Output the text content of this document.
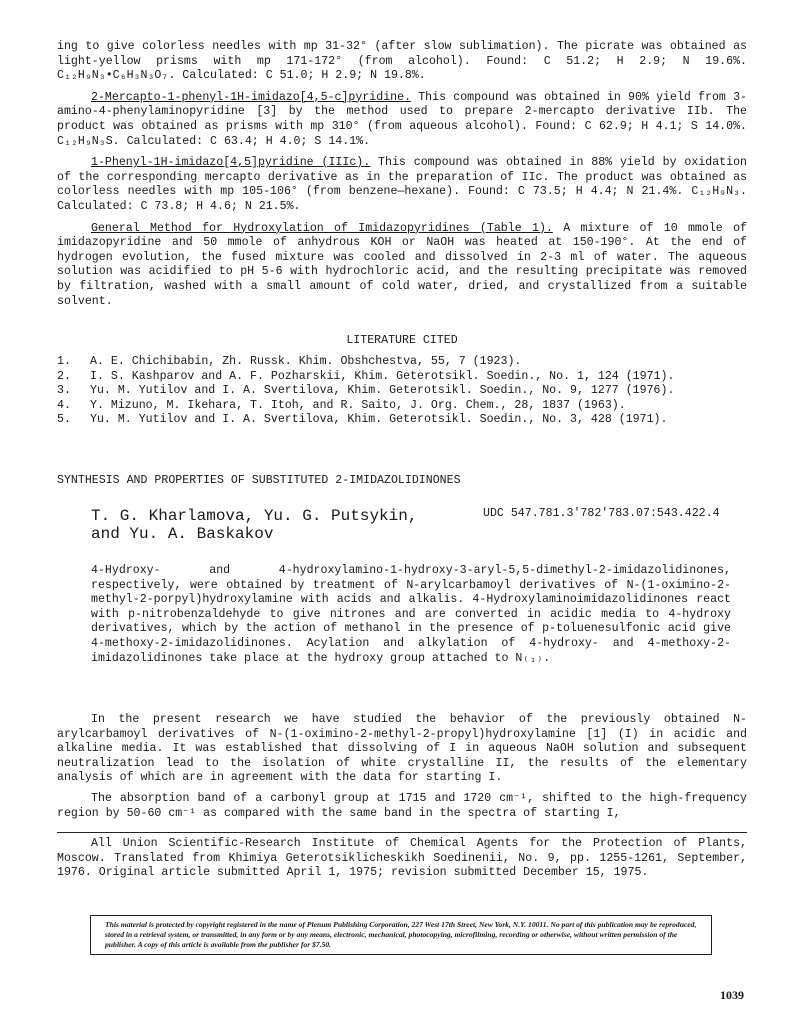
ing to give colorless needles with mp 31-32° (after slow sublimation). The picrate was obtained as light-yellow prisms with mp 171-172° (from alcohol). Found: C 51.2; H 2.9; N 19.6%. C₁₂H₉N₃•C₆H₃N₃O₇. Calculated: C 51.0; H 2.9; N 19.8%.

2-Mercapto-1-phenyl-1H-imidazo[4,5-c]pyridine. This compound was obtained in 90% yield from 3-amino-4-phenylaminopyridine [3] by the method used to prepare 2-mercapto derivative IIb. The product was obtained as prisms with mp 310° (from aqueous alcohol). Found: C 62.9; H 4.1; S 14.0%. C₁₂H₉N₃S. Calculated: C 63.4; H 4.0; S 14.1%.

1-Phenyl-1H-imidazo[4,5]pyridine (IIIc). This compound was obtained in 88% yield by oxidation of the corresponding mercapto derivative as in the preparation of IIc. The product was obtained as colorless needles with mp 105-106° (from benzene—hexane). Found: C 73.5; H 4.4; N 21.4%. C₁₂H₉N₃. Calculated: C 73.8; H 4.6; N 21.5%.

General Method for Hydroxylation of Imidazopyridines (Table 1). A mixture of 10 mmole of imidazopyridine and 50 mmole of anhydrous KOH or NaOH was heated at 150-190°. At the end of hydrogen evolution, the fused mixture was cooled and dissolved in 2-3 ml of water. The aqueous solution was acidified to pH 5-6 with hydrochloric acid, and the resulting precipitate was removed by filtration, washed with a small amount of cold water, dried, and crystallized from a suitable solvent.

LITERATURE CITED
1.	A. E. Chichibabin, Zh. Russk. Khim. Obshchestva, 55, 7 (1923).
2.	I. S. Kashparov and A. F. Pozharskii, Khim. Geterotsikl. Soedin., No. 1, 124 (1971).
3.	Yu. M. Yutilov and I. A. Svertilova, Khim. Geterotsikl. Soedin., No. 9, 1277 (1976).
4.	Y. Mizuno, M. Ikehara, T. Itoh, and R. Saito, J. Org. Chem., 28, 1837 (1963).
5.	Yu. M. Yutilov and I. A. Svertilova, Khim. Geterotsikl. Soedin., No. 3, 428 (1971).
SYNTHESIS AND PROPERTIES OF SUBSTITUTED 2-IMIDAZOLIDINONES
T. G. Kharlamova, Yu. G. Putsykin,
and Yu. A. Baskakov
UDC 547.781.3'782'783.07:543.422.4

4-Hydroxy- and 4-hydroxylamino-1-hydroxy-3-aryl-5,5-dimethyl-2-imidazolidinones, respectively, were obtained by treatment of N-arylcarbamoyl derivatives of N-(1-oximino-2-methyl-2-porpyl)hydroxylamine with acids and alkalis. 4-Hydroxylaminoimidazolidinones react with p-nitrobenzaldehyde to give nitrones and are converted in acidic media to 4-hydroxy derivatives, which by the action of methanol in the presence of p-toluenesulfonic acid give 4-methoxy-2-imidazolidinones. Acylation and alkylation of 4-hydroxy- and 4-methoxy-2-imidazolidinones take place at the hydroxy group attached to N₍₁₎.

In the present research we have studied the behavior of the previously obtained N-arylcarbamoyl derivatives of N-(1-oximino-2-methyl-2-propyl)hydroxylamine [1] (I) in acidic and alkaline media. It was established that dissolving of I in aqueous NaOH solution and subsequent neutralization lead to the isolation of white crystalline II, the results of the elementary analysis of which are in agreement with the data for starting I.

The absorption band of a carbonyl group at 1715 and 1720 cm⁻¹, shifted to the high-frequency region by 50-60 cm⁻¹ as compared with the same band in the spectra of starting I,

All Union Scientific-Research Institute of Chemical Agents for the Protection of Plants, Moscow. Translated from Khimiya Geterotsiklicheskikh Soedinenii, No. 9, pp. 1255-1261, September, 1976. Original article submitted April 1, 1975; revision submitted December 15, 1975.

This material is protected by copyright registered in the name of Plenum Publishing Corporation, 227 West 17th Street, New York, N.Y. 10011. No part of this publication may be reproduced, stored in a retrieval system, or transmitted, in any form or by any means, electronic, mechanical, photocopying, microfilming, recording or otherwise, without written permission of the publisher. A copy of this article is available from the publisher for $7.50.
1039
